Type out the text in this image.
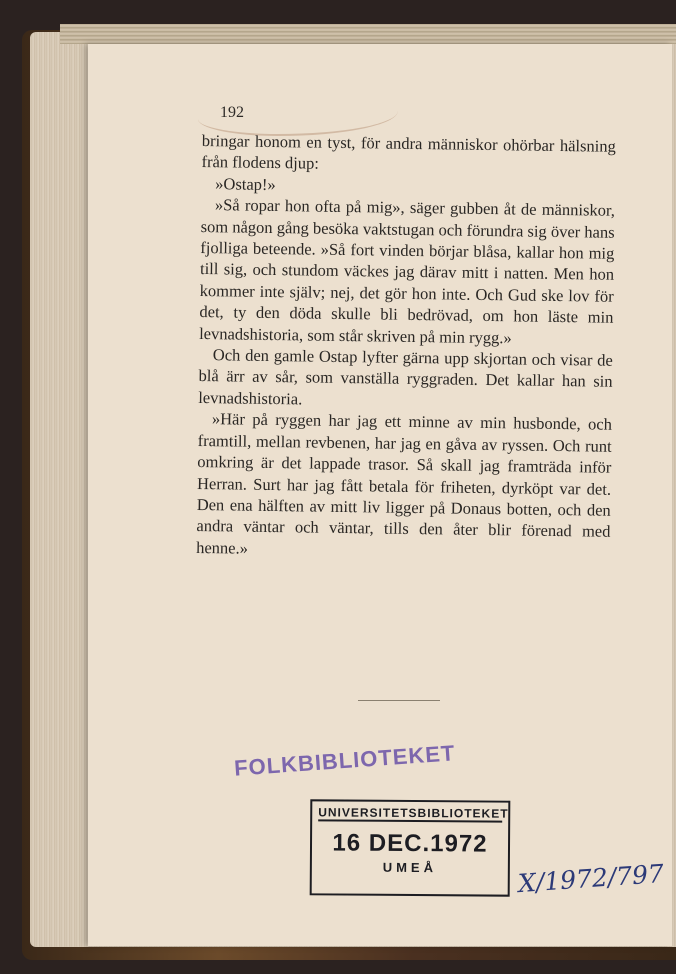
192

bringar honom en tyst, för andra människor ohörbar hälsning från flodens djup:

»Ostap!»

»Så ropar hon ofta på mig», säger gubben åt de människor, som någon gång besöka vaktstugan och förundra sig över hans fjolliga beteende. »Så fort vinden börjar blåsa, kallar hon mig till sig, och stundom väckes jag därav mitt i natten. Men hon kommer inte själv; nej, det gör hon inte. Och Gud ske lov för det, ty den döda skulle bli bedrövad, om hon läste min levnadshistoria, som står skriven på min rygg.»

Och den gamle Ostap lyfter gärna upp skjortan och visar de blå ärr av sår, som vanställa ryggraden. Det kallar han sin levnadshistoria.

»Här på ryggen har jag ett minne av min husbonde, och framtill, mellan revbenen, har jag en gåva av ryssen. Och runt omkring är det lappade trasor. Så skall jag framträda inför Herran. Surt har jag fått betala för friheten, dyrköpt var det. Den ena hälften av mitt liv ligger på Donaus botten, och den andra väntar och väntar, tills den åter blir förenad med henne.»

FOLKBIBLIOTEKET
UNIVERSITETSBIBLIOTEKET
16 DEC.1972
UMEÅ	X/1972/797
